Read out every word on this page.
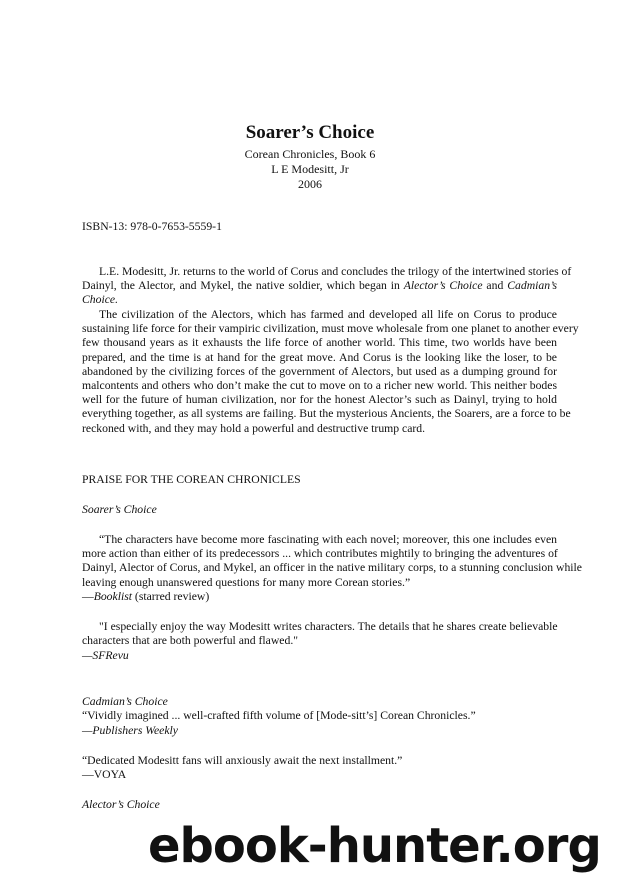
Soarer’s Choice
Corean Chronicles, Book 6
L E Modesitt, Jr
2006
ISBN-13: 978-0-7653-5559-1
L.E. Modesitt, Jr. returns to the world of Corus and concludes the trilogy of the intertwined stories of
Dainyl, the Alector, and Mykel, the native soldier, which began in Alector’s Choice and Cadmian’s
Choice.
The civilization of the Alectors, which has farmed and developed all life on Corus to produce
sustaining life force for their vampiric civilization, must move wholesale from one planet to another every
few thousand years as it exhausts the life force of another world. This time, two worlds have been
prepared, and the time is at hand for the great move. And Corus is the looking like the loser, to be
abandoned by the civilizing forces of the government of Alectors, but used as a dumping ground for
malcontents and others who don’t make the cut to move on to a richer new world. This neither bodes
well for the future of human civilization, nor for the honest Alector’s such as Dainyl, trying to hold
everything together, as all systems are failing. But the mysterious Ancients, the Soarers, are a force to be
reckoned with, and they may hold a powerful and destructive trump card.
PRAISE FOR THE COREAN CHRONICLES
Soarer’s Choice
“The characters have become more fascinating with each novel; moreover, this one includes even
more action than either of its predecessors ... which contributes mightily to bringing the adventures of
Dainyl, Alector of Corus, and Mykel, an officer in the native military corps, to a stunning conclusion while
leaving enough unanswered questions for many more Corean stories.”
—Booklist (starred review)
"I especially enjoy the way Modesitt writes characters. The details that he shares create believable
characters that are both powerful and flawed."
—SFRevu
Cadmian’s Choice
“Vividly imagined ... well-crafted fifth volume of [Mode-sitt’s] Corean Chronicles.”
—Publishers Weekly
“Dedicated Modesitt fans will anxiously await the next installment.”
—VOYA
Alector’s Choice
ebook-hunter.org
